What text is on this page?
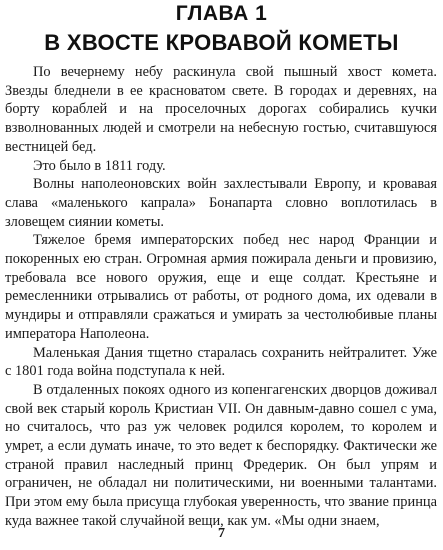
ГЛАВА 1
В ХВОСТЕ КРОВАВОЙ КОМЕТЫ

По вечернему небу раскинула свой пышный хвост комета. Звезды бледнели в ее красноватом свете. В городах и деревнях, на борту кораблей и на проселочных дорогах собирались кучки взволнованных людей и смотрели на небесную гостью, считавшуюся вестницей бед.

Это было в 1811 году.

Волны наполеоновских войн захлестывали Европу, и кровавая слава «маленького капрала» Бонапарта словно воплотилась в зловещем сиянии кометы.

Тяжелое бремя императорских побед нес народ Франции и покоренных ею стран. Огромная армия пожирала деньги и провизию, требовала все нового оружия, еще и еще солдат. Крестьяне и ремесленники отрывались от работы, от родного дома, их одевали в мундиры и отправляли сражаться и умирать за честолюбивые планы императора Наполеона.

Маленькая Дания тщетно старалась сохранить нейтралитет. Уже с 1801 года война подступала к ней.

В отдаленных покоях одного из копенгагенских дворцов доживал свой век старый король Кристиан VII. Он давным-давно сошел с ума, но считалось, что раз уж человек родился королем, то королем и умрет, а если думать иначе, то это ведет к беспорядку. Фактически же страной правил наследный принц Фредерик. Он был упрям и ограничен, не обладал ни политическими, ни военными талантами. При этом ему была присуща глубокая уверенность, что звание принца куда важнее такой случайной вещи, как ум. «Мы одни знаем,

7
